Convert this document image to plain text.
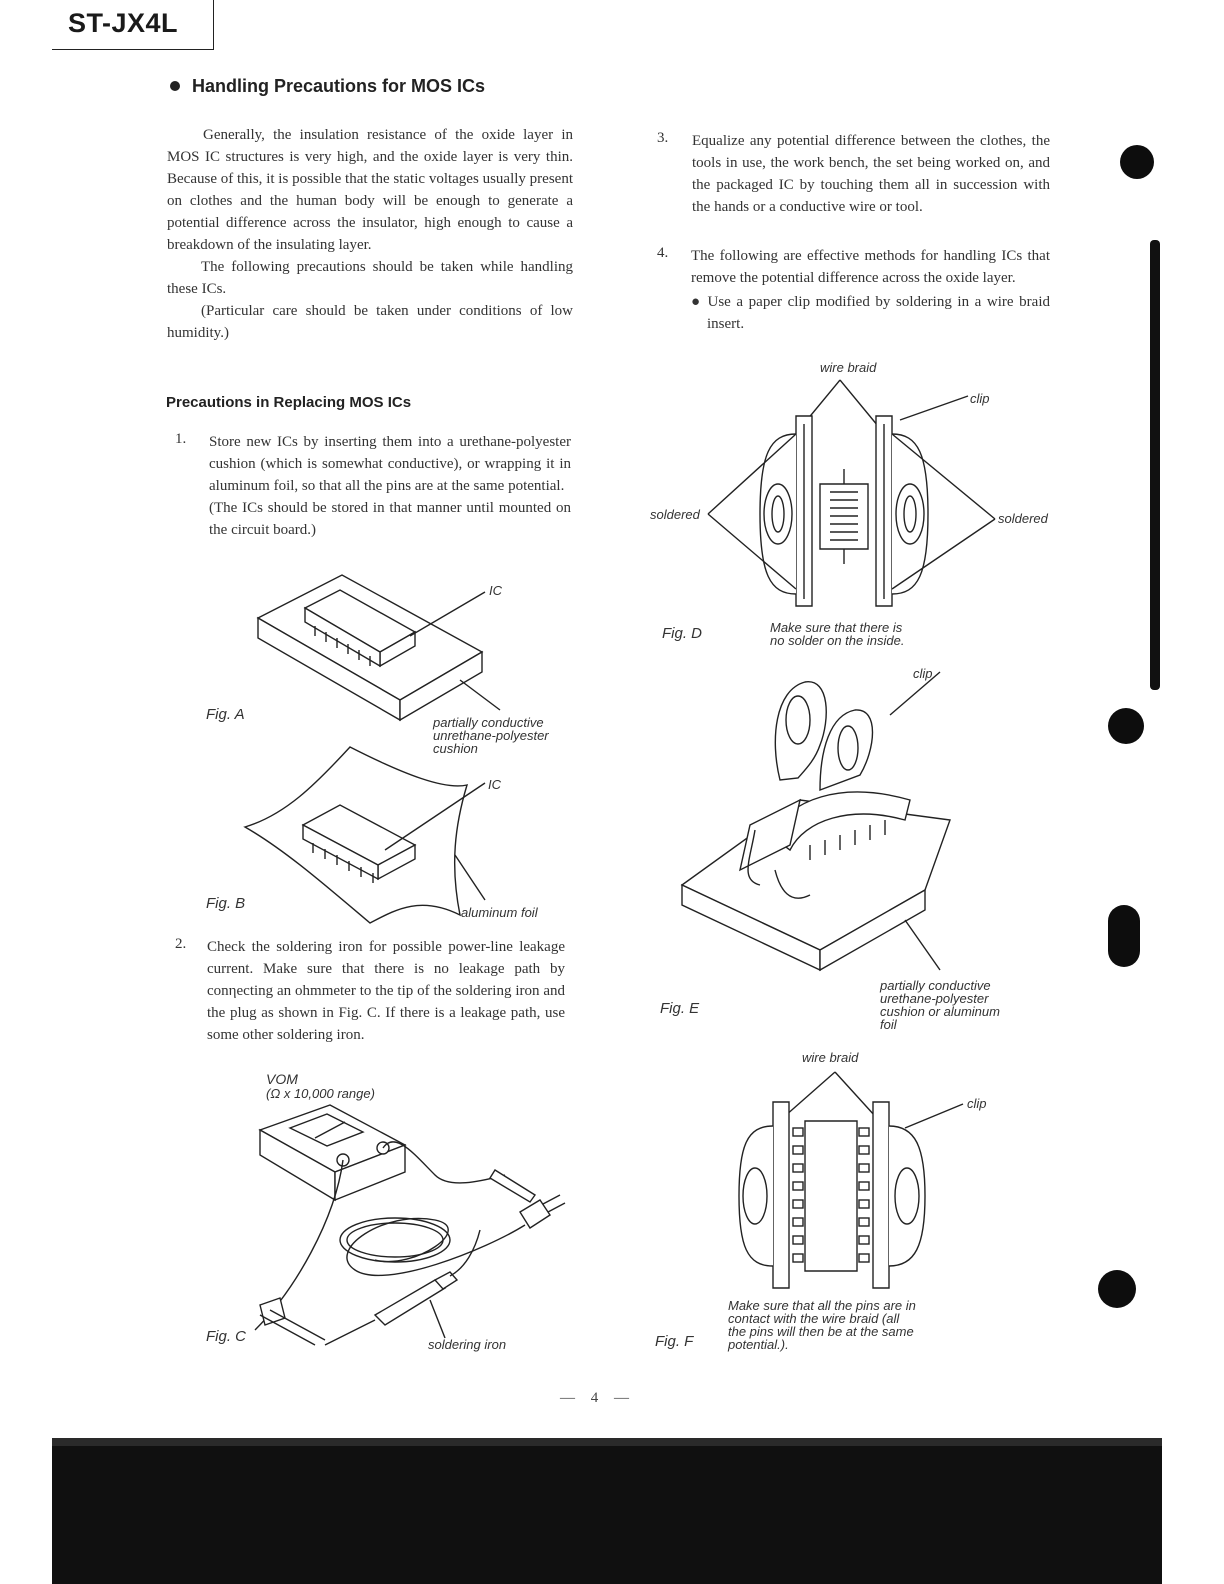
ST-JX4L
Handling Precautions for MOS ICs

Generally, the insulation resistance of the oxide layer in MOS IC structures is very high, and the oxide layer is very thin. Because of this, it is possible that the static voltages usually present on clothes and the human body will be enough to generate a potential difference across the insulator, high enough to cause a breakdown of the insulating layer.

The following precautions should be taken while handling these ICs.

(Particular care should be taken under conditions of low humidity.)

Precautions in Replacing MOS ICs
1. Store new ICs by inserting them into a urethane-polyester cushion (which is somewhat conductive), or wrapping it in aluminum foil, so that all the pins are at the same potential.

(The ICs should be stored in that manner until mounted on the circuit board.)

2. Check the soldering iron for possible power-line leakage current. Make sure that there is no leakage path by conηecting an ohmmeter to the tip of the soldering iron and the plug as shown in Fig. C. If there is a leakage path, use some other soldering iron.

3. Equalize any potential difference between the clothes, the tools in use, the work bench, the set being worked on, and the packaged IC by touching them all in succession with the hands or a conductive wire or tool.

4. The following are effective methods for handling ICs that remove the potential difference across the oxide layer.

● Use a paper clip modified by soldering in a wire braid insert.

IC
Fig. A	partially conductive
unrethane-polyester
cushion
IC
Fig. B
aluminum foil
VOM
(Ω x 10,000 range)
Fig. C	soldering iron
wire braid
clip
soldered	soldered
Fig. D	Make sure that there is
no solder on the inside.
clip
Fig. E
partially conductive
urethane-polyester
cushion or aluminum
foil
wire braid
clip
Fig. F
Make sure that all the pins are in
contact with the wire braid (all
the pins will then be at the same
potential.).
— 4 —
